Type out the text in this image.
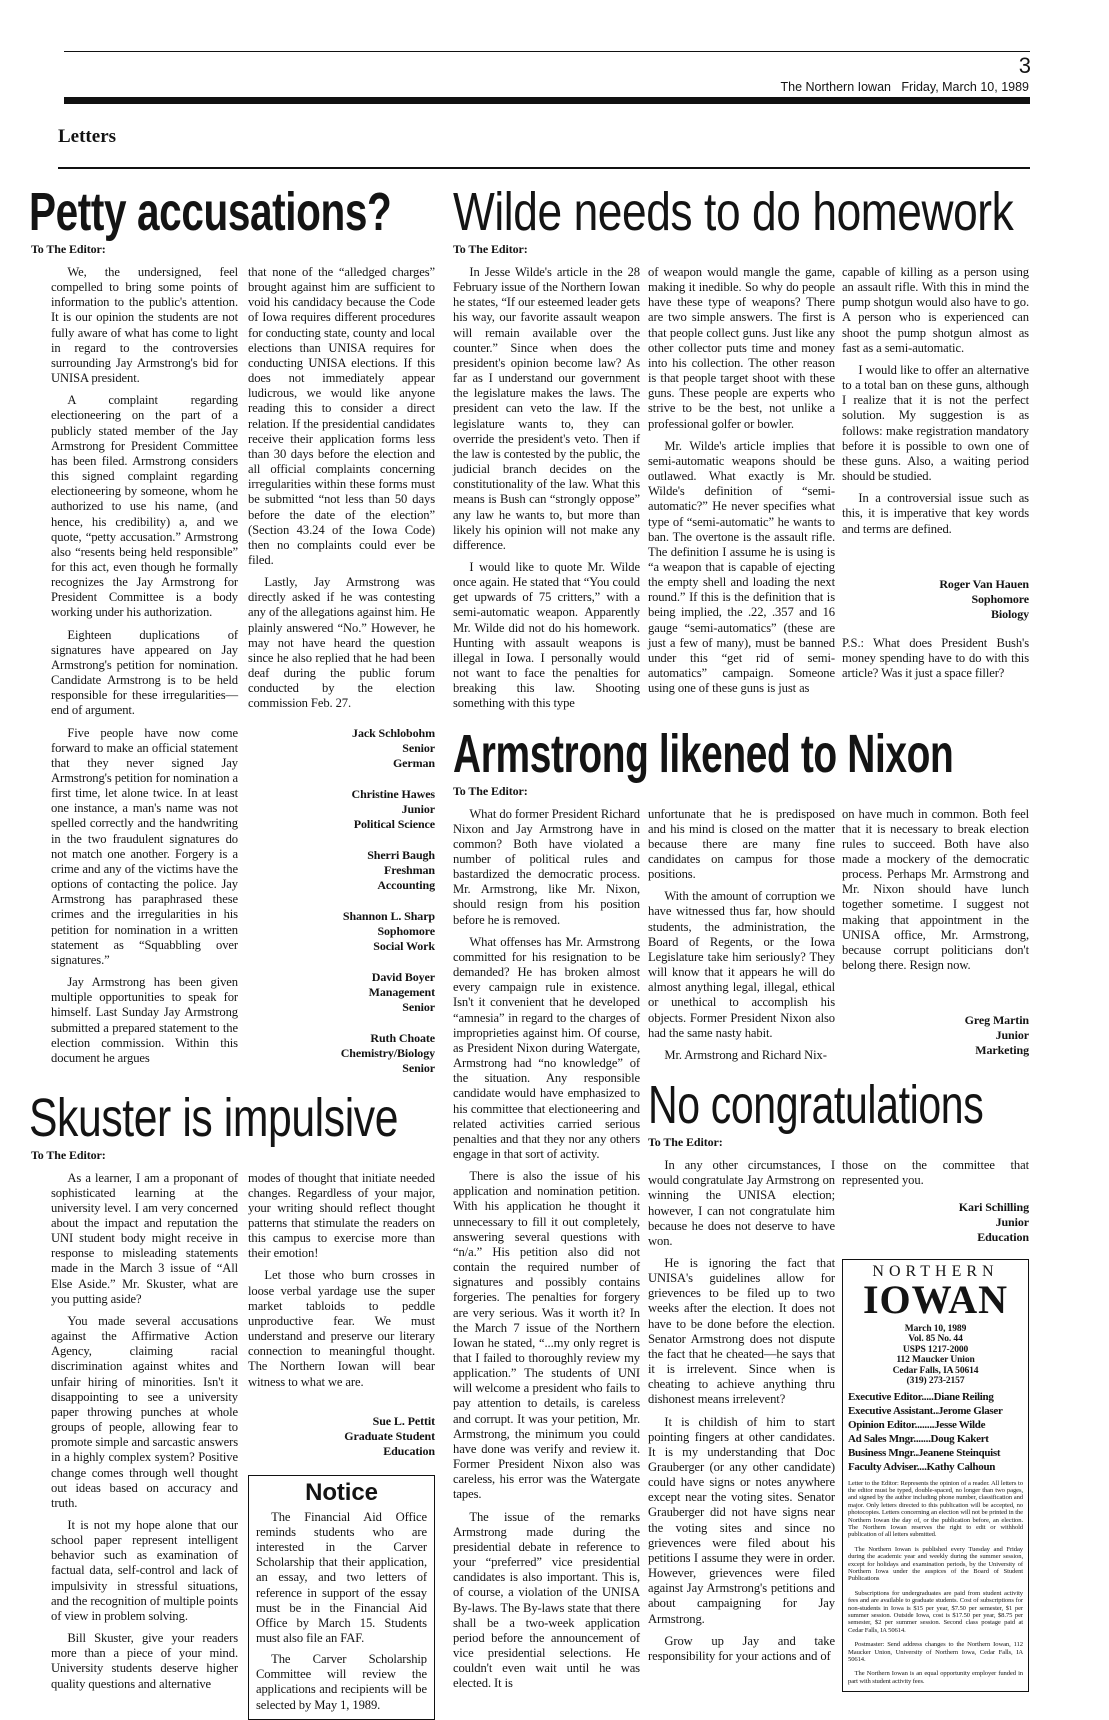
3
The Northern Iowan   Friday, March 10, 1989
Letters
Petty accusations?

To The Editor:

We, the undersigned, feel compelled to bring some points of information to the public's attention. It is our opinion the students are not fully aware of what has come to light in regard to the controversies surrounding Jay Armstrong's bid for UNISA president.

A complaint regarding electioneering on the part of a publicly stated member of the Jay Armstrong for President Committee has been filed. Armstrong considers this signed complaint regarding electioneering by someone, whom he authorized to use his name, (and hence, his credibility) a, and we quote, “petty accusation.” Armstrong also “resents being held responsible” for this act, even though he formally recognizes the Jay Armstrong for President Committee is a body working under his authorization.

Eighteen duplications of signatures have appeared on Jay Armstrong's petition for nomination. Candidate Armstrong is to be held responsible for these irregularities—end of argument.

Five people have now come forward to make an official statement that they never signed Jay Armstrong's petition for nomination a first time, let alone twice. In at least one instance, a man's name was not spelled correctly and the handwriting in the two fraudulent signatures do not match one another. Forgery is a crime and any of the victims have the options of contacting the police. Jay Armstrong has paraphrased these crimes and the irregularities in his petition for nomination in a written statement as “Squabbling over signatures.”

Jay Armstrong has been given multiple opportunities to speak for himself. Last Sunday Jay Armstrong submitted a prepared statement to the election commission. Within this document he argues

that none of the “alledged charges” brought against him are sufficient to void his candidacy because the Code of Iowa requires different procedures for conducting state, county and local elections than UNISA requires for conducting UNISA elections. If this does not immediately appear ludicrous, we would like anyone reading this to consider a direct relation. If the presidential candidates receive their application forms less than 30 days before the election and all official complaints concerning irregularities within these forms must be submitted “not less than 50 days before the date of the election” (Section 43.24 of the Iowa Code) then no complaints could ever be filed.

Lastly, Jay Armstrong was directly asked if he was contesting any of the allegations against him. He plainly answered “No.” However, he may not have heard the question since he also replied that he had been deaf during the public forum conducted by the election commission Feb. 27.

Jack Schlobohm
Senior
German
Christine Hawes
Junior
Political Science
Sherri Baugh
Freshman
Accounting
Shannon L. Sharp
Sophomore
Social Work
David Boyer
Management
Senior
Ruth Choate
Chemistry/Biology
Senior
Skuster is impulsive

To The Editor:

As a learner, I am a proponant of sophisticated learning at the university level. I am very concerned about the impact and reputation the UNI student body might receive in response to misleading statements made in the March 3 issue of “All Else Aside.” Mr. Skuster, what are you putting aside?

You made several accusations against the Affirmative Action Agency, claiming racial discrimination against whites and unfair hiring of minorities. Isn't it disappointing to see a university paper throwing punches at whole groups of people, allowing fear to promote simple and sarcastic answers in a highly complex system? Positive change comes through well thought out ideas based on accuracy and truth.

It is not my hope alone that our school paper represent intelligent behavior such as examination of factual data, self-control and lack of impulsivity in stressful situations, and the recognition of multiple points of view in problem solving.

Bill Skuster, give your readers more than a piece of your mind. University students deserve higher quality questions and alternative

modes of thought that initiate needed changes. Regardless of your major, your writing should reflect thought patterns that stimulate the readers on this campus to exercise more than their emotion!

Let those who burn crosses in loose verbal yardage use the super market tabloids to peddle unproductive fear. We must understand and preserve our literary connection to meaningful thought. The Northern Iowan will bear witness to what we are.

Sue L. Pettit
Graduate Student
Education
Notice

The Financial Aid Office reminds students who are interested in the Carver Scholarship that their application, an essay, and two letters of reference in support of the essay must be in the Financial Aid Office by March 15. Students must also file an FAF.

The Carver Scholarship Committee will review the applications and recipients will be selected by May 1, 1989.

Wilde needs to do homework

To The Editor:

In Jesse Wilde's article in the 28 February issue of the Northern Iowan he states, “If our esteemed leader gets his way, our favorite assault weapon will remain available over the counter.” Since when does the president's opinion become law? As far as I understand our government the legislature makes the laws. The president can veto the law. If the legislature wants to, they can override the president's veto. Then if the law is contested by the public, the judicial branch decides on the constitutionality of the law. What this means is Bush can “strongly oppose” any law he wants to, but more than likely his opinion will not make any difference.

I would like to quote Mr. Wilde once again. He stated that “You could get upwards of 75 critters,” with a semi-automatic weapon. Apparently Mr. Wilde did not do his homework. Hunting with assault weapons is illegal in Iowa. I personally would not want to face the penalties for breaking this law. Shooting something with this type

of weapon would mangle the game, making it inedible. So why do people have these type of weapons? There are two simple answers. The first is that people collect guns. Just like any other collector puts time and money into his collection. The other reason is that people target shoot with these guns. These people are experts who strive to be the best, not unlike a professional golfer or bowler.

Mr. Wilde's article implies that semi-automatic weapons should be outlawed. What exactly is Mr. Wilde's definition of “semi-automatic?” He never specifies what type of “semi-automatic” he wants to ban. The overtone is the assault rifle. The definition I assume he is using is “a weapon that is capable of ejecting the empty shell and loading the next round.” If this is the definition that is being implied, the .22, .357 and 16 gauge “semi-automatics” (these are just a few of many), must be banned under this “get rid of semi-automatics” campaign. Someone using one of these guns is just as

capable of killing as a person using an assault rifle. With this in mind the pump shotgun would also have to go. A person who is experienced can shoot the pump shotgun almost as fast as a semi-automatic.

I would like to offer an alternative to a total ban on these guns, although I realize that it is not the perfect solution. My suggestion is as follows: make registration mandatory before it is possible to own one of these guns. Also, a waiting period should be studied.

In a controversial issue such as this, it is imperative that key words and terms are defined.

Roger Van Hauen
Sophomore
Biology

P.S.: What does President Bush's money spending have to do with this article? Was it just a space filler?

Armstrong likened to Nixon

To The Editor:

What do former President Richard Nixon and Jay Armstrong have in common? Both have violated a number of political rules and bastardized the democratic process. Mr. Armstrong, like Mr. Nixon, should resign from his position before he is removed.

What offenses has Mr. Armstrong committed for his resignation to be demanded? He has broken almost every campaign rule in existence. Isn't it convenient that he developed “amnesia” in regard to the charges of improprieties against him. Of course, as President Nixon during Watergate, Armstrong had “no knowledge” of the situation. Any responsible candidate would have emphasized to his committee that electioneering and related activities carried serious penalties and that they nor any others engage in that sort of activity.

There is also the issue of his application and nomination petition. With his application he thought it unnecessary to fill it out completely, answering several questions with “n/a.” His petition also did not contain the required number of signatures and possibly contains forgeries. The penalties for forgery are very serious. Was it worth it? In the March 7 issue of the Northern Iowan he stated, “...my only regret is that I failed to thoroughly review my application.” The students of UNI will welcome a president who fails to pay attention to details, is careless and corrupt. It was your petition, Mr. Armstrong, the minimum you could have done was verify and review it. Former President Nixon also was careless, his error was the Watergate tapes.

The issue of the remarks Armstrong made during the presidential debate in reference to your “preferred” vice presidential candidates is also important. This is, of course, a violation of the UNISA By-laws. The By-laws state that there shall be a two-week application period before the announcement of vice presidential selections. He couldn't even wait until he was elected. It is

unfortunate that he is predisposed and his mind is closed on the matter because there are many fine candidates on campus for those positions.

With the amount of corruption we have witnessed thus far, how should students, the administration, the Board of Regents, or the Iowa Legislature take him seriously? They will know that it appears he will do almost anything legal, illegal, ethical or unethical to accomplish his objects. Former President Nixon also had the same nasty habit.

Mr. Armstrong and Richard Nix-

on have much in common. Both feel that it is necessary to break election rules to succeed. Both have also made a mockery of the democratic process. Perhaps Mr. Armstrong and Mr. Nixon should have lunch together sometime. I suggest not making that appointment in the UNISA office, Mr. Armstrong, because corrupt politicians don't belong there. Resign now.

Greg Martin
Junior
Marketing
No congratulations

To The Editor:

In any other circumstances, I would congratulate Jay Armstrong on winning the UNISA election; however, I can not congratulate him because he does not deserve to have won.

He is ignoring the fact that UNISA's guidelines allow for grievences to be filed up to two weeks after the election. It does not have to be done before the election. Senator Armstrong does not dispute the fact that he cheated—he says that it is irrelevent. Since when is cheating to achieve anything thru dishonest means irrelevent?

It is childish of him to start pointing fingers at other candidates. It is my understanding that Doc Grauberger (or any other candidate) could have signs or notes anywhere except near the voting sites. Senator Grauberger did not have signs near the voting sites and since no grievences were filed about his petitions I assume they were in order. However, grievences were filed against Jay Armstrong's petitions and about campaigning for Jay Armstrong.

Grow up Jay and take responsibility for your actions and of

those on the committee that represented you.

Kari Schilling
Junior
Education
NORTHERN
IOWAN
March 10, 1989
Vol. 85 No. 44
USPS 1217-2000
112 Maucker Union
Cedar Falls, IA 50614
(319) 273-2157
Executive Editor.....Diane Reiling
Executive Assistant..Jerome Glaser
Opinion Editor........Jesse Wilde
Ad Sales Mngr.......Doug Kakert
Business Mngr..Jeanene Steinquist
Faculty Adviser....Kathy Calhoun

Letter to the Editor: Represents the opinion of a reader. All letters to the editor must be typed, double-spaced, no longer than two pages, and signed by the author including phone number, classification and major. Only letters directed to this publication will be accepted, no photocopies. Letters concerning an election will not be printed in the Northern Iowan the day of, or the publication before, an election. The Northern Iowan reserves the right to edit or withhold publication of all letters submitted.

The Northern Iowan is published every Tuesday and Friday during the academic year and weekly during the summer session, except for holidays and examination periods, by the University of Northern Iowa under the auspices of the Board of Student Publications

Subscriptions for undergraduates are paid from student activity fees and are available to graduate students. Cost of subscriptions for non-students in Iowa is $15 per year, $7.50 per semester, $1 per summer session. Outside Iowa, cost is $17.50 per year, $8.75 per semester, $2 per summer session. Second class postage paid at Cedar Falls, IA 50614.

Postmaster: Send address changes to the Northern Iowan, 112 Maucker Union, University of Northern Iowa, Cedar Falls, IA 50614.

The Northern Iowan is an equal opportunity employer funded in part with student activity fees.
